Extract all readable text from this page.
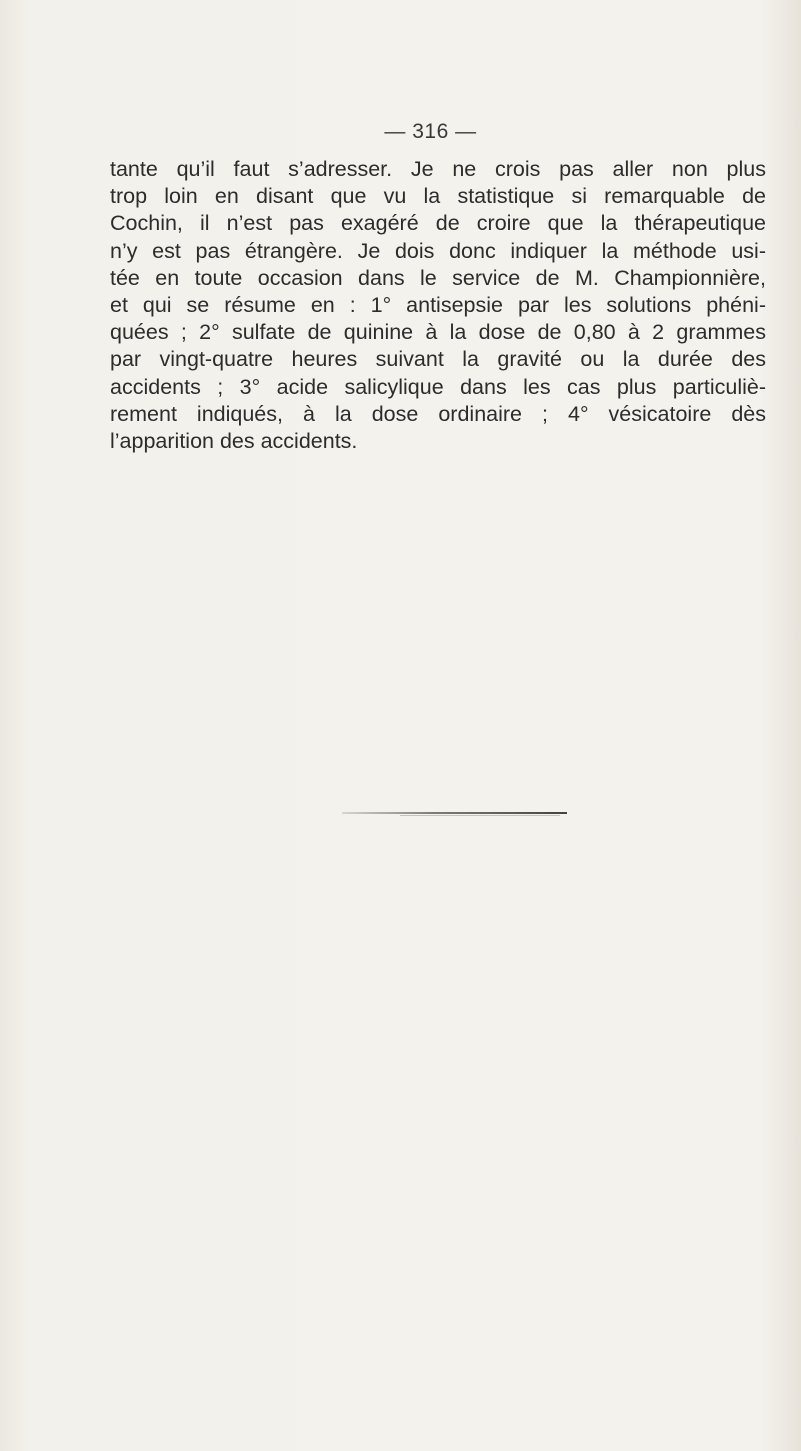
— 316 —
tante qu’il faut s’adresser. Je ne crois pas aller non plus
trop loin en disant que vu la statistique si remarquable de
Cochin, il n’est pas exagéré de croire que la thérapeutique
n’y est pas étrangère. Je dois donc indiquer la méthode usi-
tée en toute occasion dans le service de M. Championnière,
et qui se résume en : 1° antisepsie par les solutions phéni-
quées ; 2° sulfate de quinine à la dose de 0,80 à 2 grammes
par vingt-quatre heures suivant la gravité ou la durée des
accidents ; 3° acide salicylique dans les cas plus particuliè-
rement indiqués, à la dose ordinaire ; 4° vésicatoire dès
l’apparition des accidents.
